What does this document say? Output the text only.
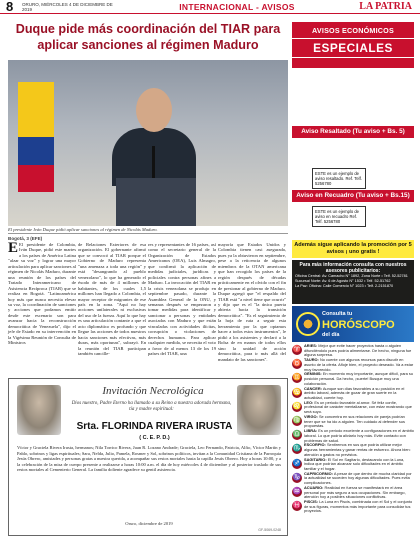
8	ORURO, MIÉRCOLES 4 DE DICIEMBRE DE 2019	INTERNACIONAL - AVISOS	LA PATRIA
Duque pide más coordinación del TIAR para aplicar sanciones al régimen Maduro
El presidente Iván Duque pidió aplicar sanciones al régimen de Nicolás Maduro.
Bogotá, 3 (EFE)
E El presidente de Colombia, Iván Duque, pidió este martes a los países de América Latina "alzar su voz" y lograr una mayor articulación para aplicar sanciones al régimen de Nicolás Maduro, durante una reunión de los países del Tratado Interamericano de Asistencia Recíproca (TIAR) que se realiza en Bogotá. "Latinoamérica hoy más que nunca necesita elevar su voz, la coordinación de sanciones y acciones que podamos emitir desde este escenario son para avanzar hacia la reconstrucción democrática de Venezuela", dijo el jefe de Estado en su intervención en la Vigésima Reunión de Consulta de Ministros
de Relaciones Exteriores de esa organización. El gobernante afirmó que se convocó al TIAR porque el Gobierno de Maduro representa "una amenaza a toda una región" y está "desangrando al pueblo venezolano", lo que ha generado el éxodo de más de 4 millones de habitantes, de los cuales 1,5 millones han llegado a Colombia, el mayor receptor de migrantes de ese país en la zona. "Aquí no hay acciones unilaterales ni exclusivas del uso de la fuerza. Aquí lo que hay es una articulación contante a que el acto diplomático es profundo y que llegue las acciones de todos nuestros hacia sanciones más efectivas, más duras, más oportunas", subrayó. En la reunión del TIAR participan también cancille-
res y representantes de 16 países, así como el secretario general de la Organización de Estados Americanos (OEA), Luis Almagro, que confirmó la aplicación de medidas judiciales, jurídicas y policiales contra personas afines a Maduro. La invocación del TIAR en la crisis venezolana se produjo en septiembre pasado, durante la Asamblea General de la ONU, y semanas después se empezaron a tomar medidas para identificar y sancionar a personas y entidades asociadas con Maduro y que están vinculadas con actividades ilícitas, corrupción o violaciones de derechos humanos. Para aplicar cualquier medida, se necesita el voto a favor de al menos 13 de los 19 países del TIAR, una
mayoría que Estados Unidos y Colombia tienen casi asegurada, pues ya la obtuvieron en septiembre, pese a la reticencia de algunos miembros de la OTAN americana que han recogido los países de la región después de décadas prácticamente en el olvido con el fin de presionar al gobierno de Maduro. Duque agregó que "el respaldo del TIAR está "a nivel tiene que ocurrir" y dijo que es el "la única puerta abierta hacia la transición democrática". "Es el seguimiento de la hoja de ruta a seguir esta herramienta por la que optamos hacer a todos estos instrumentos", le pidió a los asistentes y declaró a la Bolsa de en manos de todos ellos sino la unidad de acción democrática, para ir más allá del mandato de las sanciones".
Invitación Necrológica
Dios nuestro, Padre Eterno ha llamado a su Reino a nuestra adorada hermana, tía y madre espiritual:
Srta. FLORINDA RIVERA IRUSTA
( C. E. P. D.)
Víctor y Graciela Rivera Irusta, hermanos; Nila Torrico Rivera, Juan R. Lozano Andrade; Graciela, Leo Fernando, Patricia, Alfio, Víctor Martín y Pablo, sobrinos y ligas espirituales; Sara, Nelda, Julio, Pamela, Rosmer y Sol, sobrinos políticos, invitan a la Comunidad Cristiana de la Parroquia Jesús Obrero, amistades y personas gratas a nuestra querida, a acompañar sus restos mortales hasta la capilla Jesús Obrero. Hoy a horas 10:00, y a la celebración de la misa de cuerpo presente a realizarse a horas 10:00 a.m. el día de hoy miércoles 4 de diciembre y al posterior traslado de sus restos mortales al Cementerio General. La familia doliente agradece su gentil asistencia.
Oruro, diciembre de 2019
GF-5069-0248
AVISOS ECONÓMICOS
ESPECIALES
Aviso Resaltado (Tu aviso + Bs. 5)
ESTE es un ejemplo de aviso resaltado. Ref. Telf. 5256780
Aviso en Recuadro (Tu aviso + Bs.15)
ESTE es un ejemplo de aviso en recuadro Ref. Telf. 5256780
Además sigue aplicando la promoción por 5 avisos ¡ uno gratis !
Para más información consulta con nuestros asesores publicitarios:
Oficina Central: Av. Camacho N° 1892, Zona Norte • Telf. 52-52781
Sucursal Norte: Av. 6 de Agosto N° 1532 • Telf. 52-51762
La Paz: Oficina: Calle Comercio N° 1023 • Telf. 2-2151870
Consulta tu
HORÓSCOPO
del día
♈
ARIES: Mejor que evite hacer proyectos hasta o alguien difundiéndolo pues podría alimentarse. De hecho, ninguna fue alguna sorpresa.
♉
TAURO: No cuente con algunos recursos para discutir en asunto de la oferta. Afloje bien, el proyecto deseado. Va a estar muy favorecido.
♊
GÉMINIS: En momento muy importante, aunque difícil, para su posición personal. Da hecho, ¡suerte! Busque muy una colaboración.
♋
CÁNCER: Aunque son días favorables a su posición en el ámbito laboral, además de gozar de gran suerte en la actualidad, cuente hoy.
♌
LEO: Es un periodo favorable al amor. Sé feliz confíe, profesional de carácter mentalizarse, con estar mostrando que será suyo.
♍
VIRGO: Se concentra en sus relaciones de pareja podrían tener que se ha ido a alguien. Ten cuidado al defender sus propuestas.
♎
LIBRA: Es un periodo excelente a configuraciones en el ámbito laboral. Lo que podría aliviarlo hoy más. Evite contacto con problemas de salud.
♏
ESCORPIO: Sentiremos en sus que podría utilizar mejor algunas herramientas y ganar rentas de esfuerzo. Ahora bien: atención a gastos no previstos.
♐
SAGITARIO: El Sol en Sagitario, destacando con la Luna, indica que podrían alcanzar solo dificultades en el ámbito familiar y el hogar.
♑
CAPRICORNIO: A pesar de que dentro de mucha claridad por la actualidad se suceden hoy algunas dificultades. Pues evita complicaciones.
♒
ACUARIO: Realidad en fuerza se manifestará en el área personal por más seguro a sus ocupaciones. Sin embargo, atención hoy a posibles situaciones conflictivas.
♓
PISCIS: La Luna en Piscis, combinada con el Sol y el conjunto de sus figuras, momentos más importante para consolidar tus proyectos.
